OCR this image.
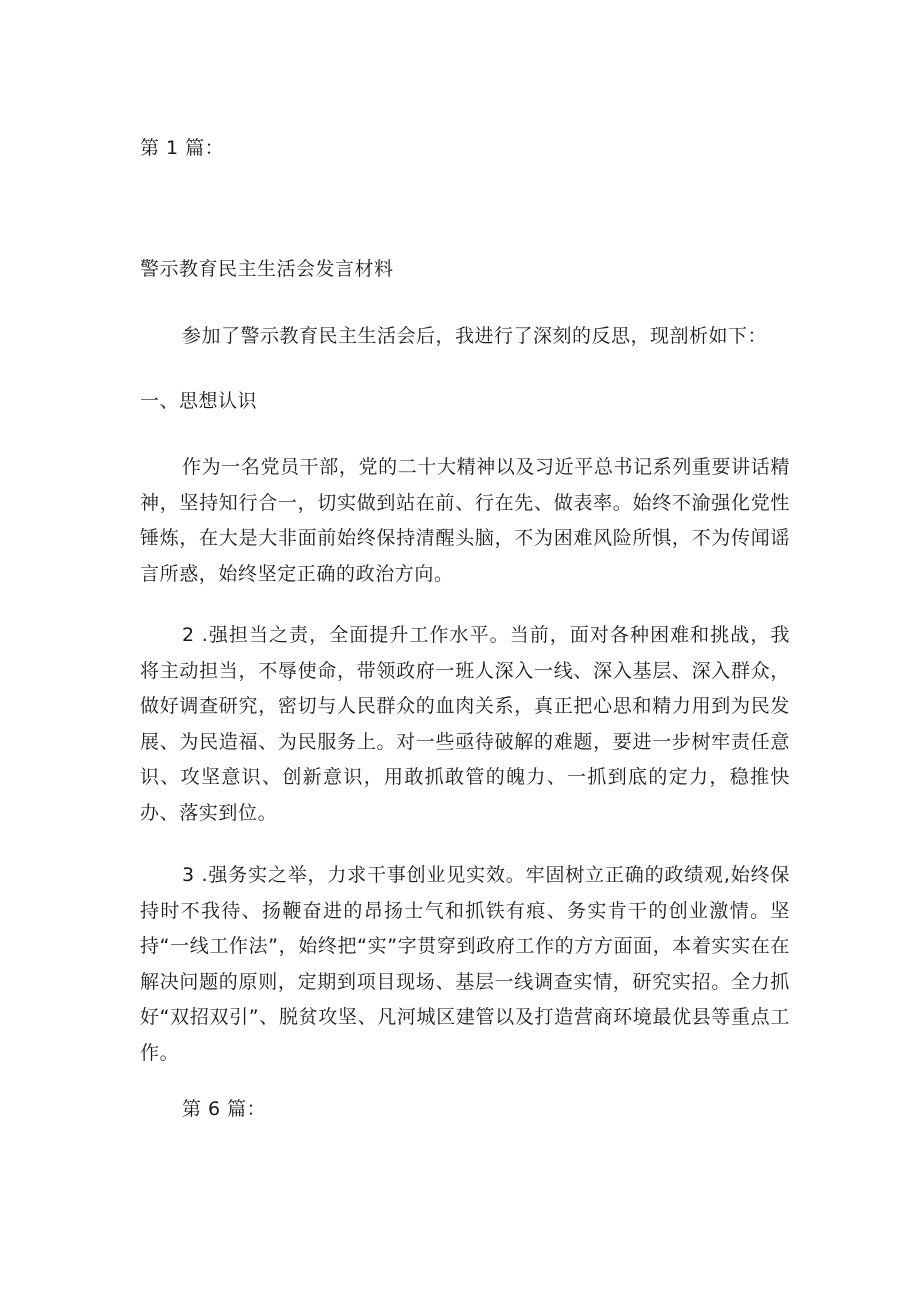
第 1 篇：
警示教育民主生活会发言材料
参加了警示教育民主生活会后，我进行了深刻的反思，现剖析如下：
一、思想认识
作为一名党员干部，党的二十大精神以及习近平总书记系列重要讲话精神，坚持知行合一，切实做到站在前、行在先、做表率。始终不渝强化党性锤炼，在大是大非面前始终保持清醒头脑，不为困难风险所惧，不为传闻谣言所惑，始终坚定正确的政治方向。
2 .强担当之责，全面提升工作水平。当前，面对各种困难和挑战，我将主动担当，不辱使命，带领政府一班人深入一线、深入基层、深入群众，做好调查研究，密切与人民群众的血肉关系，真正把心思和精力用到为民发展、为民造福、为民服务上。对一些亟待破解的难题，要进一步树牢责任意识、攻坚意识、创新意识，用敢抓敢管的魄力、一抓到底的定力，稳推快办、落实到位。
3 .强务实之举，力求干事创业见实效。牢固树立正确的政绩观,始终保持时不我待、扬鞭奋进的昂扬士气和抓铁有痕、务实肯干的创业激情。坚持“一线工作法”，始终把“实”字贯穿到政府工作的方方面面，本着实实在在解决问题的原则，定期到项目现场、基层一线调查实情，研究实招。全力抓好“双招双引”、脱贫攻坚、凡河城区建管以及打造营商环境最优县等重点工作。
第 6 篇：
